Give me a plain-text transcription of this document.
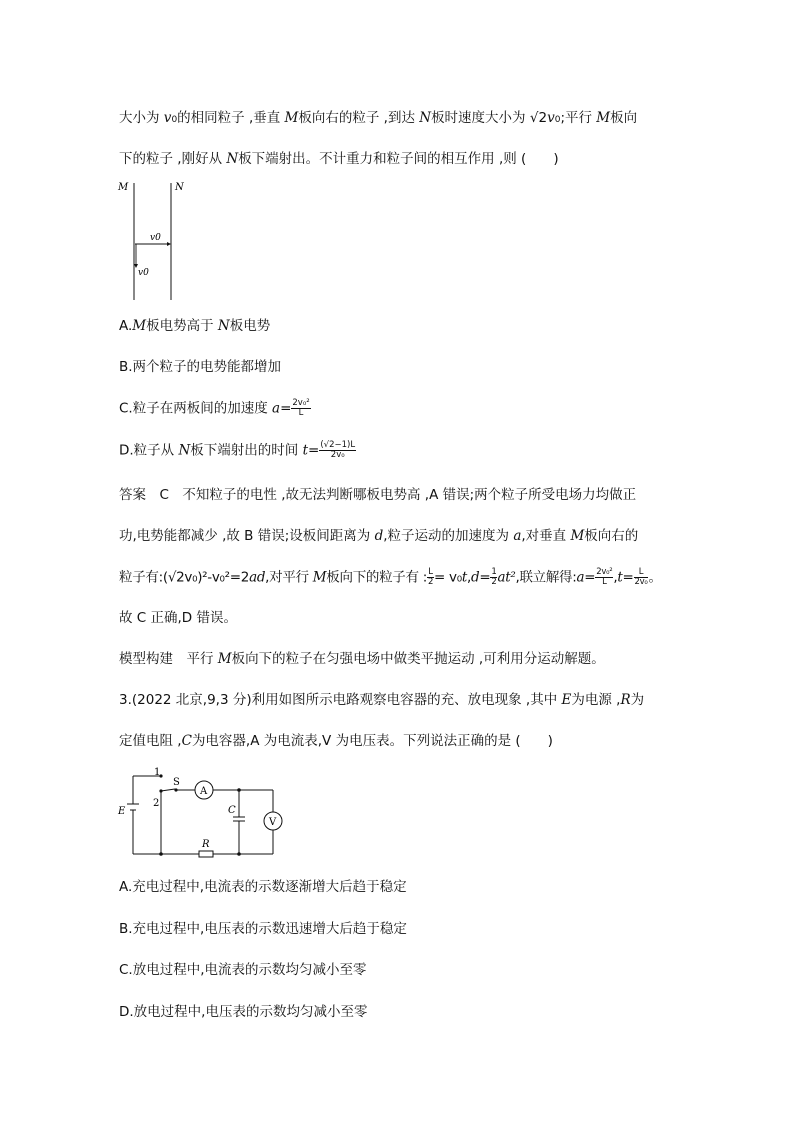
大小为 v0的相同粒子 ,垂直 M板向右的粒子 ,到达 N板时速度大小为 √2v0;平行 M板向
下的粒子 ,刚好从 N板下端射出。不计重力和粒子间的相互作用 ,则 (　　)
M	N
v0
v0
A.M板电势高于 N板电势
B.两个粒子的电势能都增加
C.粒子在两板间的加速度 $a= \frac{\text{2v₀²}}{L}$
D.粒子从 N板下端射出的时间 $t= \frac{(√2-1)L}{\text{2v₀}}$
答案　C　不知粒子的电性 ,故无法判断哪板电势高 ,A 错误;两个粒子所受电场力均做正
功,电势能都减少 ,故 B 错误;设板间距离为 d,粒子运动的加速度为 a,对垂直 M板向右的
粒子有:(√2v₀)²-v₀²=2ad,对平行 M板向下的粒子有 : $\frac{L}{2} = v_0t,d= \frac{1}{2} at^2$,联立解得:a= $\frac{\text{2v₀²}}{L} ,t= \frac{L}{\text{2v₀}}$ 。
故 C 正确,D 错误。
模型构建　平行 M板向下的粒子在匀强电场中做类平抛运动 ,可利用分运动解题。
3.(2022 北京,9,3 分)利用如图所示电路观察电容器的充、放电现象 ,其中 E为电源 ,R为
定值电阻 ,C为电容器,A 为电流表,V 为电压表。下列说法正确的是 (　　)
1
2
S
A
C
V
E
R
A.充电过程中,电流表的示数逐渐增大后趋于稳定
B.充电过程中,电压表的示数迅速增大后趋于稳定
C.放电过程中,电流表的示数均匀减小至零
D.放电过程中,电压表的示数均匀减小至零
